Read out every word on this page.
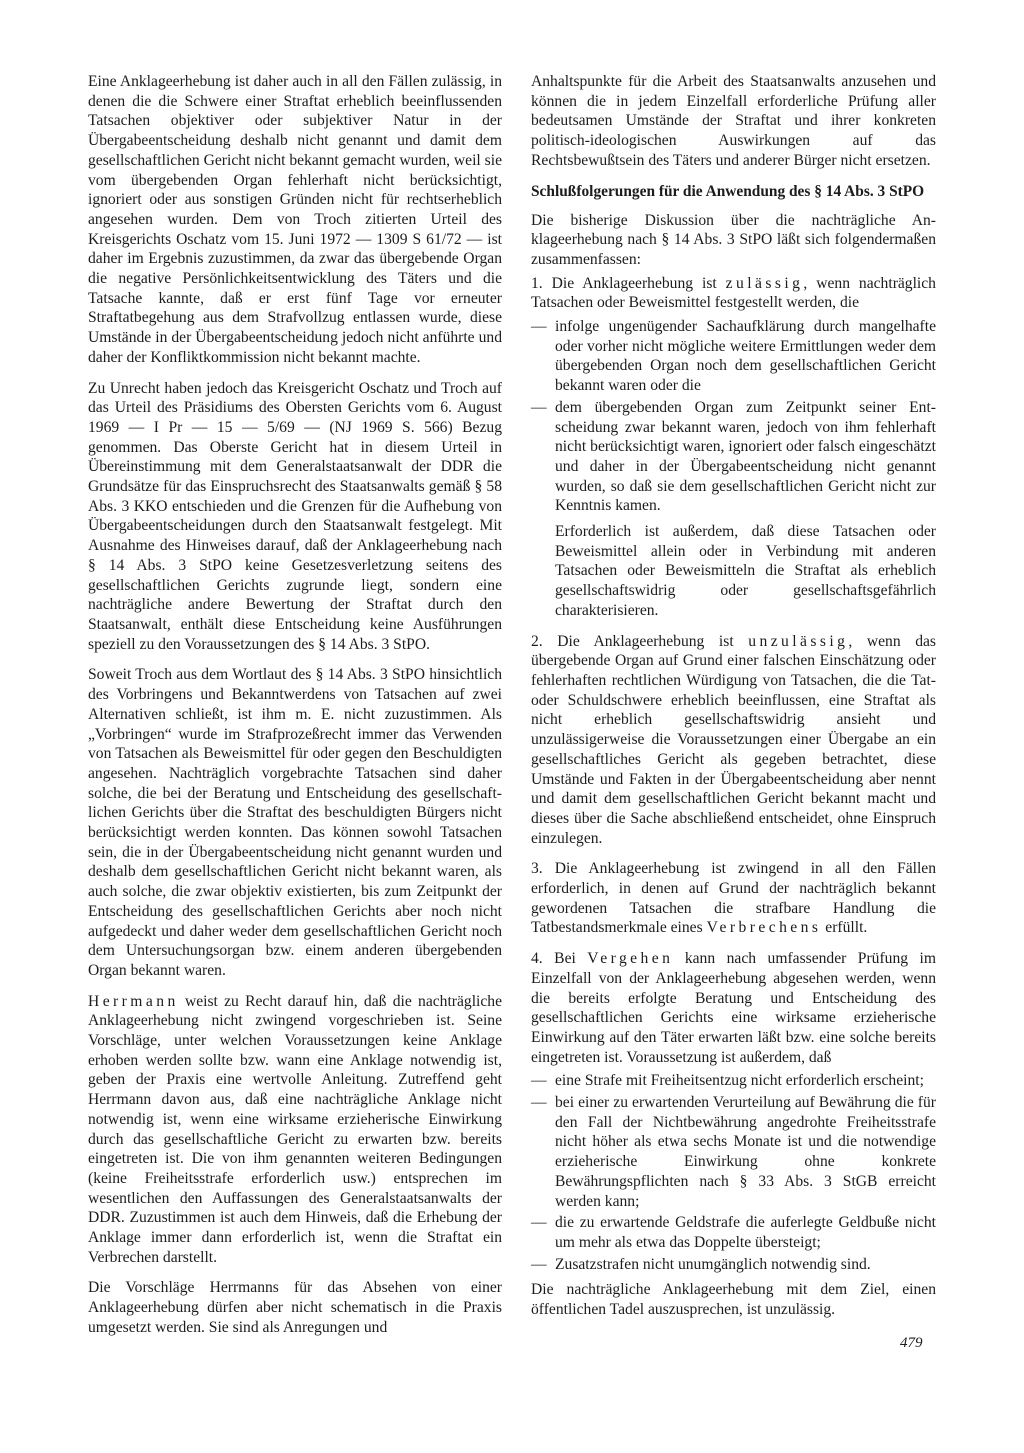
Eine Anklageerhebung ist daher auch in all den Fällen zulässig, in denen die die Schwere einer Straftat erheblich beeinflussenden Tatsachen objektiver oder subjektiver Natur in der Übergabeentscheidung deshalb nicht genannt und damit dem gesellschaftlichen Gericht nicht bekannt gemacht wurden, weil sie vom übergebenden Organ fehlerhaft nicht berücksichtigt, ignoriert oder aus sonstigen Gründen nicht für rechtserheblich angesehen wurden. Dem von Troch zitierten Urteil des Kreisgerichts Oschatz vom 15. Juni 1972 — 1309 S 61/72 — ist daher im Ergebnis zuzustimmen, da zwar das übergebende Organ die negative Persönlichkeitsentwicklung des Täters und die Tatsache kannte, daß er erst fünf Tage vor erneuter Straftatbegehung aus dem Strafvollzug entlassen wurde, diese Umstände in der Übergabeentscheidung jedoch nicht anführte und daher der Konfliktkommission nicht bekannt machte.

Zu Unrecht haben jedoch das Kreisgericht Oschatz und Troch auf das Urteil des Präsidiums des Obersten Gerichts vom 6. August 1969 — I Pr — 15 — 5/69 — (NJ 1969 S. 566) Bezug genommen. Das Oberste Gericht hat in diesem Urteil in Übereinstimmung mit dem Generalstaatsanwalt der DDR die Grundsätze für das Einspruchsrecht des Staatsanwalts gemäß § 58 Abs. 3 KKO entschieden und die Grenzen für die Aufhebung von Übergabeentscheidungen durch den Staatsanwalt festgelegt. Mit Ausnahme des Hinweises darauf, daß der Anklageerhebung nach § 14 Abs. 3 StPO keine Gesetzesverletzung seitens des gesellschaftlichen Gerichts zugrunde liegt, sondern eine nachträgliche andere Bewertung der Straftat durch den Staatsanwalt, enthält diese Entscheidung keine Ausführungen speziell zu den Voraussetzungen des § 14 Abs. 3 StPO.

Soweit Troch aus dem Wortlaut des § 14 Abs. 3 StPO hinsichtlich des Vorbringens und Bekanntwerdens von Tatsachen auf zwei Alternativen schließt, ist ihm m. E. nicht zuzustimmen. Als „Vorbringen“ wurde im Strafprozeßrecht immer das Verwenden von Tatsachen als Beweismittel für oder gegen den Beschuldigten angesehen. Nachträglich vorgebrachte Tatsachen sind daher solche, die bei der Beratung und Entscheidung des gesellschaftlichen Gerichts über die Straftat des beschuldigten Bürgers nicht berücksichtigt werden konnten. Das können sowohl Tatsachen sein, die in der Übergabeentscheidung nicht genannt wurden und deshalb dem gesellschaftlichen Gericht nicht bekannt waren, als auch solche, die zwar objektiv existierten, bis zum Zeitpunkt der Entscheidung des gesellschaftlichen Gerichts aber noch nicht aufgedeckt und daher weder dem gesellschaftlichen Gericht noch dem Untersuchungsorgan bzw. einem anderen übergebenden Organ bekannt waren.

Herrmann weist zu Recht darauf hin, daß die nachträgliche Anklageerhebung nicht zwingend vorgeschrieben ist. Seine Vorschläge, unter welchen Voraussetzungen keine Anklage erhoben werden sollte bzw. wann eine Anklage notwendig ist, geben der Praxis eine wertvolle Anleitung. Zutreffend geht Herrmann davon aus, daß eine nachträgliche Anklage nicht notwendig ist, wenn eine wirksame erzieherische Einwirkung durch das gesellschaftliche Gericht zu erwarten bzw. bereits eingetreten ist. Die von ihm genannten weiteren Bedingungen (keine Freiheitsstrafe erforderlich usw.) entsprechen im wesentlichen den Auffassungen des Generalstaatsanwalts der DDR. Zuzustimmen ist auch dem Hinweis, daß die Erhebung der Anklage immer dann erforderlich ist, wenn die Straftat ein Verbrechen darstellt.

Die Vorschläge Herrmanns für das Absehen von einer Anklageerhebung dürfen aber nicht schematisch in die Praxis umgesetzt werden. Sie sind als Anregungen und

Anhaltspunkte für die Arbeit des Staatsanwalts anzusehen und können die in jedem Einzelfall erforderliche Prüfung aller bedeutsamen Umstände der Straftat und ihrer konkreten politisch-ideologischen Auswirkungen auf das Rechtsbewußtsein des Täters und anderer Bürger nicht ersetzen.

Schlußfolgerungen für die Anwendung des § 14 Abs. 3 StPO

Die bisherige Diskussion über die nachträgliche Anklageerhebung nach § 14 Abs. 3 StPO läßt sich folgendermaßen zusammenfassen:

1. Die Anklageerhebung ist zulässig, wenn nachträglich Tatsachen oder Beweismittel festgestellt werden, die

— infolge ungenügender Sachaufklärung durch mangelhafte oder vorher nicht mögliche weitere Ermittlungen weder dem übergebenden Organ noch dem gesellschaftlichen Gericht bekannt waren oder die
— dem übergebenden Organ zum Zeitpunkt seiner Entscheidung zwar bekannt waren, jedoch von ihm fehlerhaft nicht berücksichtigt waren, ignoriert oder falsch eingeschätzt und daher in der Übergabeentscheidung nicht genannt wurden, so daß sie dem gesellschaftlichen Gericht nicht zur Kenntnis kamen.

Erforderlich ist außerdem, daß diese Tatsachen oder Beweismittel allein oder in Verbindung mit anderen Tatsachen oder Beweismitteln die Straftat als erheblich gesellschaftswidrig oder gesellschaftsgefährlich charakterisieren.

2. Die Anklageerhebung ist unzulässig, wenn das übergebende Organ auf Grund einer falschen Einschätzung oder fehlerhaften rechtlichen Würdigung von Tatsachen, die die Tat- oder Schuldschwere erheblich beeinflussen, eine Straftat als nicht erheblich gesellschaftswidrig ansieht und unzulässigerweise die Voraussetzungen einer Übergabe an ein gesellschaftliches Gericht als gegeben betrachtet, diese Umstände und Fakten in der Übergabeentscheidung aber nennt und damit dem gesellschaftlichen Gericht bekannt macht und dieses über die Sache abschließend entscheidet, ohne Einspruch einzulegen.

3. Die Anklageerhebung ist zwingend in all den Fällen erforderlich, in denen auf Grund der nachträglich bekannt gewordenen Tatsachen die strafbare Handlung die Tatbestandsmerkmale eines Verbrechens erfüllt.

4. Bei Vergehen kann nach umfassender Prüfung im Einzelfall von der Anklageerhebung abgesehen werden, wenn die bereits erfolgte Beratung und Entscheidung des gesellschaftlichen Gerichts eine wirksame erzieherische Einwirkung auf den Täter erwarten läßt bzw. eine solche bereits eingetreten ist. Voraussetzung ist außerdem, daß

— eine Strafe mit Freiheitsentzug nicht erforderlich erscheint;
— bei einer zu erwartenden Verurteilung auf Bewährung die für den Fall der Nichtbewährung angedrohte Freiheitsstrafe nicht höher als etwa sechs Monate ist und die notwendige erzieherische Einwirkung ohne konkrete Bewährungspflichten nach § 33 Abs. 3 StGB erreicht werden kann;
— die zu erwartende Geldstrafe die auferlegte Geldbuße nicht um mehr als etwa das Doppelte übersteigt;
— Zusatzstrafen nicht unumgänglich notwendig sind.

Die nachträgliche Anklageerhebung mit dem Ziel, einen öffentlichen Tadel auszusprechen, ist unzulässig.

479
